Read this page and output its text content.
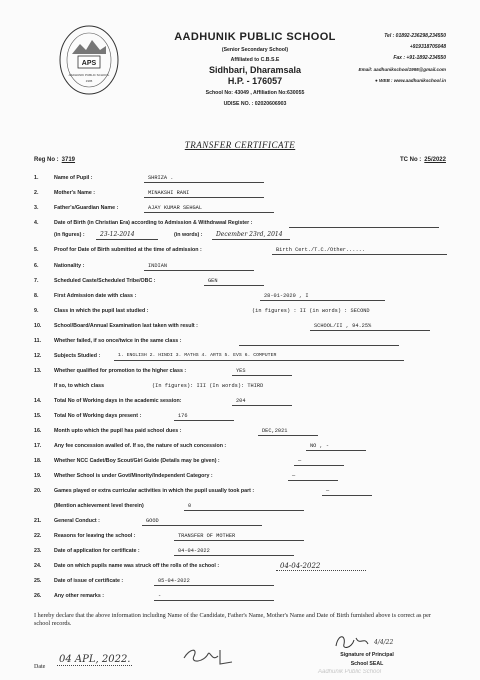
APS
AADHUNIK PUBLIC SCHOOL
1995
AADHUNIK PUBLIC SCHOOL
(Senior Secondary School)
Affiliated to C.B.S.E
Sidhbari, Dharamsala
H.P. - 176057
School No: 43049 , Affiliation No:630055
UDISE NO. : 02020606903
Tel : 01892-236298,234550
+919318705048
Fax : +91-1892-234550
Email: aadhunikschool1995@gmail.com
● WEB : www.aadhunikschool.in
TRANSFER CERTIFICATE
Reg No : 3719	TC No : 25/2022
1.	Name of Pupil :	SHRIZA .
2.	Mother's Name :	MINAKSHI RANI
3.	Father's/Guardian Name :	AJAY KUMAR SEHGAL
4.	Date of Birth (in Christian Era) according to Admission & Withdrawal Register :
(in figures) :	23-12-2014	(in words) :	December 23rd, 2014
5.	Proof for Date of Birth submitted at the time of admission :	Birth Cert./T.C./Other......
6.	Nationality :	INDIAN
7.	Scheduled Caste/Scheduled Tribe/OBC :	GEN
8.	First Admission date with class :	28-01-2020 , I
9.	Class in which the pupil last studied :	(in figures) : II (in words) : SECOND
10.	School/Board/Annual Examination last taken with result :	SCHOOL/II , 94.25%
11.	Whether failed, if so once/twice in the same class :
12.	Subjects Studied :	1. ENGLISH 2. HINDI 3. MATHS 4. ARTS 5. EVS 6. COMPUTER
13.	Whether qualified for promotion to the higher class :	YES
If so, to which class	(In figures): III (In words): THIRD
14.	Total No of Working days in the academic session:	204
15.	Total No of Working days present :	176
16.	Month upto which the pupil has paid school dues :	DEC,2021
17.	Any fee concession availed of. If so, the nature of such concession :	NO , -
18.	Whether NCC Cadet/Boy Scout/Girl Guide (Details may be given) :	—
19.	Whether School is under Govt/Minority/Independent Category :	—
20.	Games played or extra curricular activities in which the pupil usually took part :	—
(Mention achievement level therein)	0
21.	General Conduct :	GOOD
22.	Reasons for leaving the school :	TRANSFER OF MOTHER
23.	Date of application for certificate :	04-04-2022
24.	Date on which pupils name was struck off the rolls of the school :	04-04-2022
25.	Date of issue of certificate :	05-04-2022
26.	Any other remarks :	-
I hereby declare that the above information including Name of the Candidate, Father's Name, Mother's Name and Date of Birth furnished above is correct as per school records.
Date
04 APL, 2022.
4/4/22
Signature of Principal
School SEAL
Aadhunik Public School
